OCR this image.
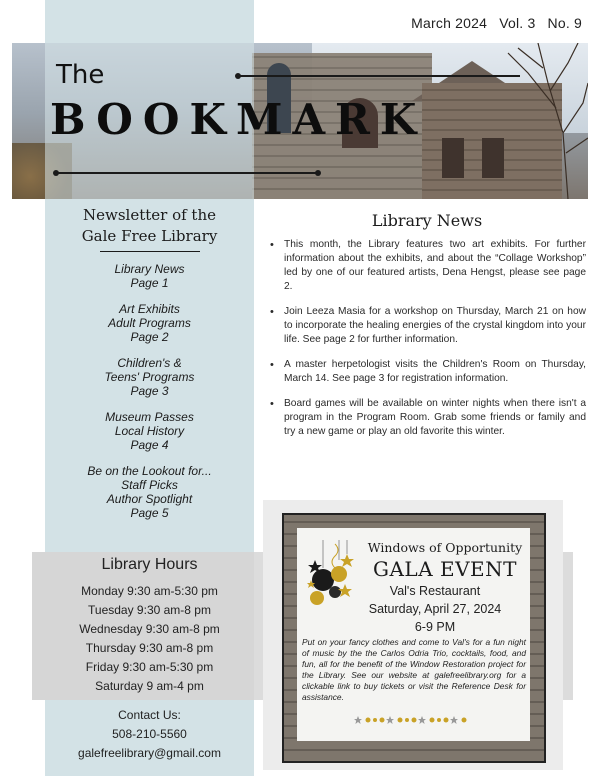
March 2024 Vol. 3 No. 9
The
BOOKMARK
Newsletter of the
Gale Free Library
Library News
Page 1
Art Exhibits
Adult Programs
Page 2
Children's &
Teens' Programs
Page 3
Museum Passes
Local History
Page 4
Be on the Lookout for...
Staff Picks
Author Spotlight
Page 5
Library Hours
Monday 9:30 am-5:30 pm
Tuesday 9:30 am-8 pm
Wednesday 9:30 am-8 pm
Thursday 9:30 am-8 pm
Friday 9:30 am-5:30 pm
Saturday 9 am-4 pm
Contact Us:
508-210-5560
galefreelibrary@gmail.com
Library News
• This month, the Library features two art exhibits. For further information about the exhibits, and about the “Collage Workshop” led by one of our featured artists, Dena Hengst, please see page 2.
• Join Leeza Masia for a workshop on Thursday, March 21 on how to incorporate the healing energies of the crystal kingdom into your life. See page 2 for further information.
• A master herpetologist visits the Children's Room on Thursday, March 14. See page 3 for registration information.
• Board games will be available on winter nights when there isn't a program in the Program Room. Grab some friends or family and try a new game or play an old favorite this winter.
Windows of Opportunity
GALA EVENT
Val's Restaurant
Saturday, April 27, 2024
6-9 PM
Put on your fancy clothes and come to Val's for a fun night of music by the the Carlos Odria Trio, cocktails, food, and fun, all for the benefit of the Window Restoration project for the Library. See our website at galefreelibrary.org for a clickable link to buy tickets or visit the Reference Desk for assistance.
